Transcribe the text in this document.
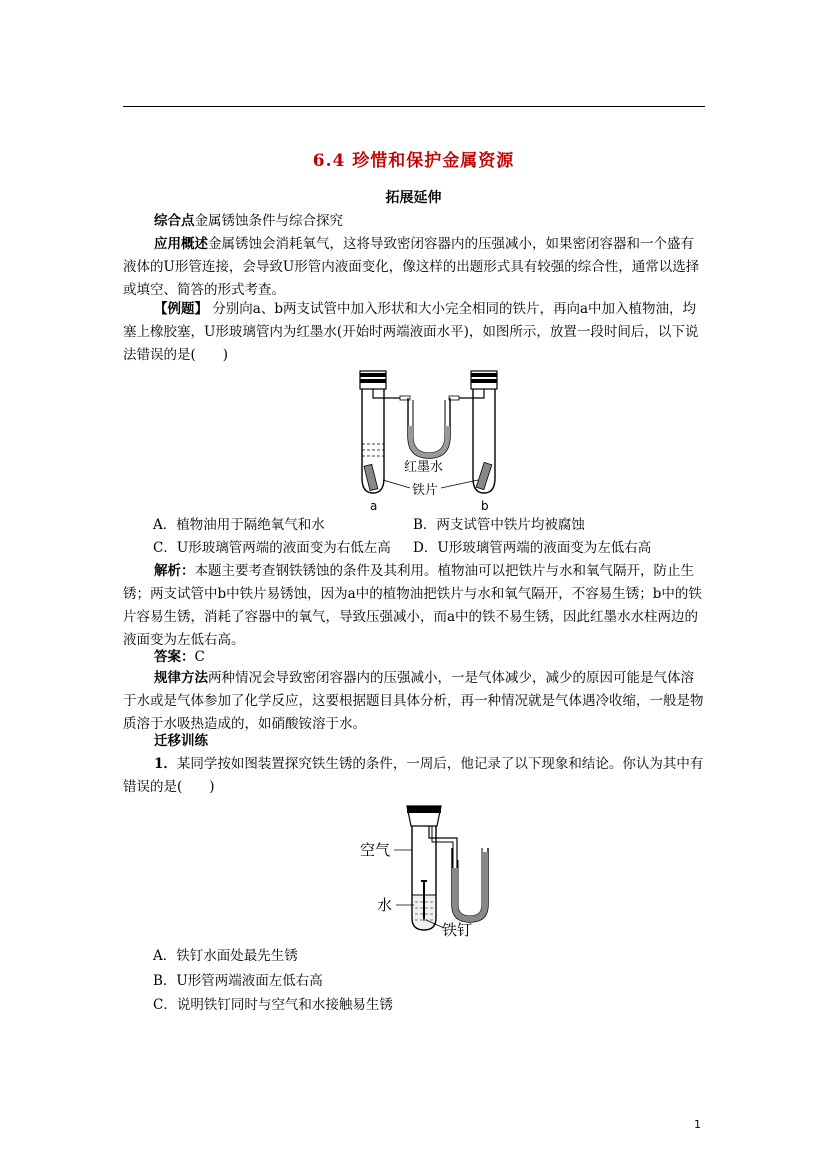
6.4 珍惜和保护金属资源
拓展延伸

综合点金属锈蚀条件与综合探究

应用概述金属锈蚀会消耗氧气，这将导致密闭容器内的压强减小，如果密闭容器和一个盛有液体的U形管连接，会导致U形管内液面变化，像这样的出题形式具有较强的综合性，通常以选择或填空、简答的形式考查。

【例题】 分别向a、b两支试管中加入形状和大小完全相同的铁片，再向a中加入植物油，均塞上橡胶塞，U形玻璃管内为红墨水(开始时两端液面水平)，如图所示，放置一段时间后，以下说法错误的是(　　)

红墨水
铁片
a	b
A．植物油用于隔绝氧气和水	B．两支试管中铁片均被腐蚀
C．U形玻璃管两端的液面变为右低左高 D．U形玻璃管两端的液面变为左低右高

解析：本题主要考查钢铁锈蚀的条件及其利用。植物油可以把铁片与水和氧气隔开，防止生锈；两支试管中b中铁片易锈蚀，因为a中的植物油把铁片与水和氧气隔开，不容易生锈；b中的铁片容易生锈，消耗了容器中的氧气，导致压强减小，而a中的铁不易生锈，因此红墨水水柱两边的液面变为左低右高。

答案：C

规律方法两种情况会导致密闭容器内的压强减小，一是气体减少，减少的原因可能是气体溶于水或是气体参加了化学反应，这要根据题目具体分析，再一种情况就是气体遇冷收缩，一般是物质溶于水吸热造成的，如硝酸铵溶于水。

迁移训练

1．某同学按如图装置探究铁生锈的条件，一周后，他记录了以下现象和结论。你认为其中有错误的是(　　)

空气
水
铁钉
A．铁钉水面处最先生锈
B．U形管两端液面左低右高
C．说明铁钉同时与空气和水接触易生锈
1
